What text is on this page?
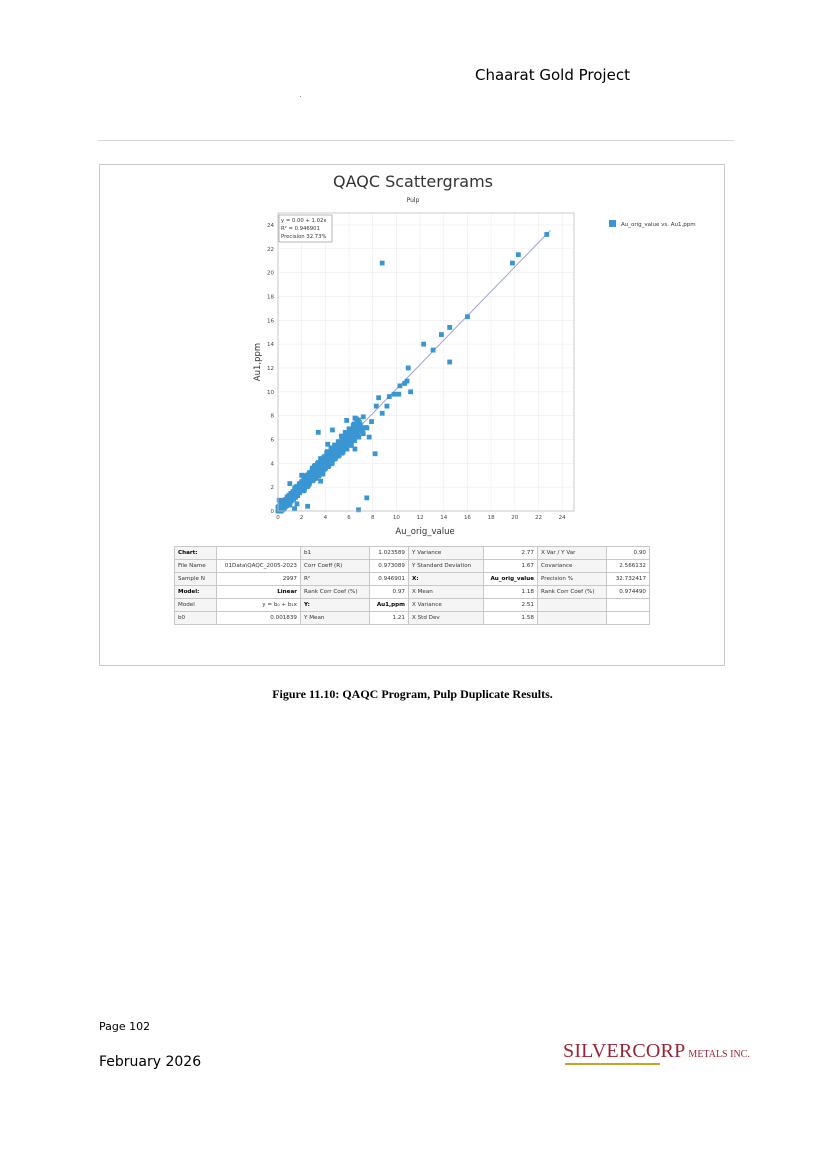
Chaarat Gold Project
QAQC Scattergrams
Pulp
0	2	4	6	8	10	12	14	16	18	20	22	24
0
2
4
6
8
10
12
14
16
18
20
22
24
y = 0.00 + 1.02x
R² = 0.946901
Precision 32.73%
Au_orig_value vs. Au1,ppm
Au_orig_value
Au1,ppm
Chart:		b1	1.023589	Y Variance	2.77	X Var / Y Var	0.90
File Name	01Data\QAQC_2005-2023	Corr Coeff (R)	0.973089	Y Standard Deviation	1.67	Covariance	2.566132
Sample N	2997	R²	0.946901	X:	Au_orig_value	Precision %	32.732417
Model:	Linear	Rank Corr Coef (%)	0.97	X Mean	1.18	Rank Corr Coef (%)	0.974490
Model	y = b₀ + b₁x	Y:	Au1,ppm	X Variance	2.51		
b0	0.001839	Y Mean	1.21	X Std Dev	1.58		
Figure 11.10: QAQC Program, Pulp Duplicate Results.
Page 102
February 2026	SILVERCORP METALS INC.
